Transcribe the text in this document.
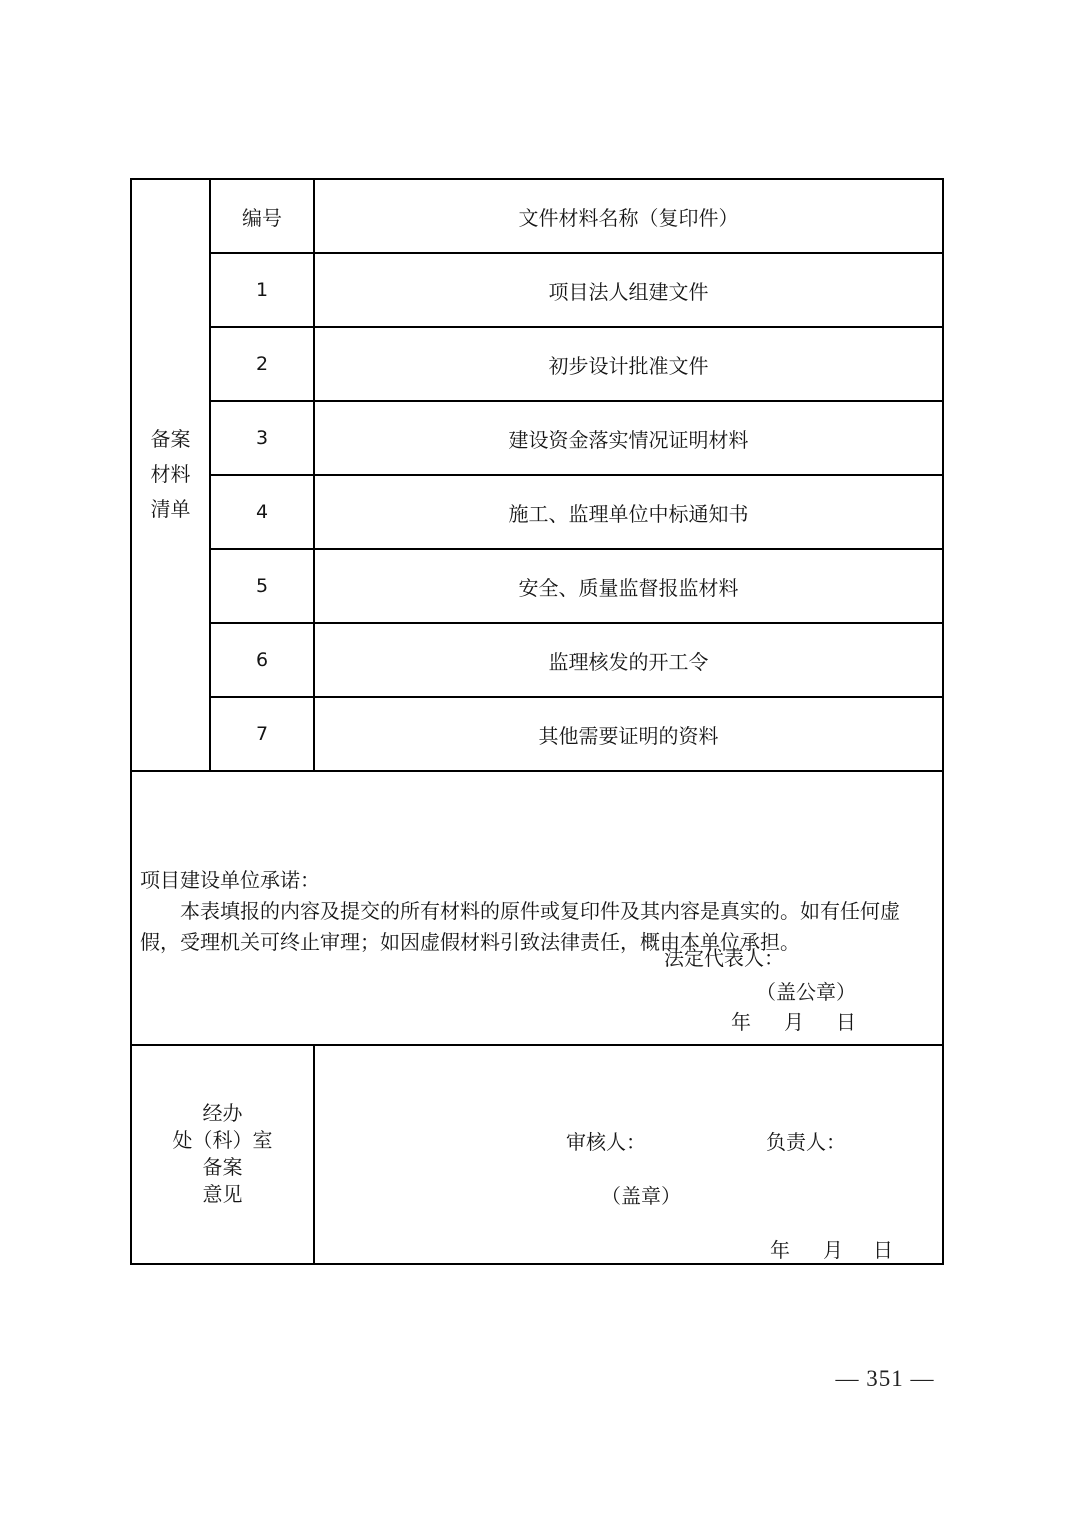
备案
材料
清单	编号	文件材料名称（复印件）
	1	项目法人组建文件
	2	初步设计批准文件
	3	建设资金落实情况证明材料
	4	施工、监理单位中标通知书
	5	安全、质量监督报监材料
	6	监理核发的开工令
	7	其他需要证明的资料

项目建设单位承诺：

本表填报的内容及提交的所有材料的原件或复印件及其内容是真实的。如有任何虚假，受理机关可终止审理；如因虚假材料引致法律责任，概由本单位承担。

法定代表人：
（盖公章）
年 月 日

经办
处（科）室
备案
意见

审核人：	负责人：
（盖章）
年 月 日
— 351 —
